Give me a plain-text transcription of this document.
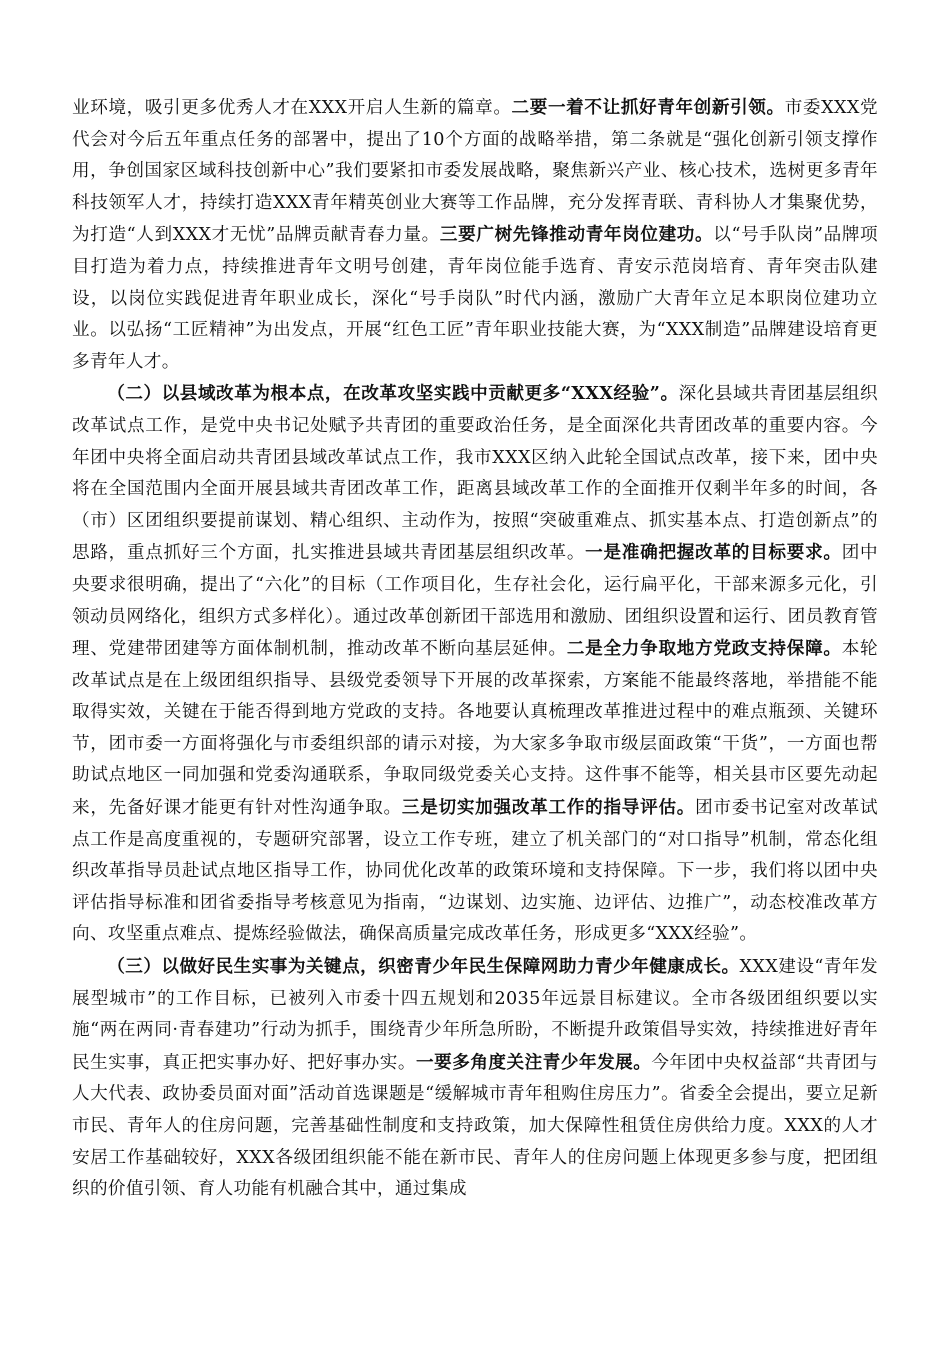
业环境，吸引更多优秀人才在XXX开启人生新的篇章。二要一着不让抓好青年创新引领。市委XXX党代会对今后五年重点任务的部署中，提出了10个方面的战略举措，第二条就是“强化创新引领支撑作用，争创国家区域科技创新中心”我们要紧扣市委发展战略，聚焦新兴产业、核心技术，选树更多青年科技领军人才，持续打造XXX青年精英创业大赛等工作品牌，充分发挥青联、青科协人才集聚优势，为打造“人到XXX才无忧”品牌贡献青春力量。三要广树先锋推动青年岗位建功。以“号手队岗”品牌项目打造为着力点，持续推进青年文明号创建，青年岗位能手选育、青安示范岗培育、青年突击队建设，以岗位实践促进青年职业成长，深化“号手岗队”时代内涵，激励广大青年立足本职岗位建功立业。以弘扬“工匠精神”为出发点，开展“红色工匠”青年职业技能大赛，为“XXX制造”品牌建设培育更多青年人才。

（二）以县域改革为根本点，在改革攻坚实践中贡献更多“XXX经验”。深化县域共青团基层组织改革试点工作，是党中央书记处赋予共青团的重要政治任务，是全面深化共青团改革的重要内容。今年团中央将全面启动共青团县域改革试点工作，我市XXX区纳入此轮全国试点改革，接下来，团中央将在全国范围内全面开展县域共青团改革工作，距离县域改革工作的全面推开仅剩半年多的时间，各（市）区团组织要提前谋划、精心组织、主动作为，按照“突破重难点、抓实基本点、打造创新点”的思路，重点抓好三个方面，扎实推进县域共青团基层组织改革。一是准确把握改革的目标要求。团中央要求很明确，提出了“六化”的目标（工作项目化，生存社会化，运行扁平化，干部来源多元化，引领动员网络化，组织方式多样化）。通过改革创新团干部选用和激励、团组织设置和运行、团员教育管理、党建带团建等方面体制机制，推动改革不断向基层延伸。二是全力争取地方党政支持保障。本轮改革试点是在上级团组织指导、县级党委领导下开展的改革探索，方案能不能最终落地，举措能不能取得实效，关键在于能否得到地方党政的支持。各地要认真梳理改革推进过程中的难点瓶颈、关键环节，团市委一方面将强化与市委组织部的请示对接，为大家多争取市级层面政策“干货”，一方面也帮助试点地区一同加强和党委沟通联系，争取同级党委关心支持。这件事不能等，相关县市区要先动起来，先备好课才能更有针对性沟通争取。三是切实加强改革工作的指导评估。团市委书记室对改革试点工作是高度重视的，专题研究部署，设立工作专班，建立了机关部门的“对口指导”机制，常态化组织改革指导员赴试点地区指导工作，协同优化改革的政策环境和支持保障。下一步，我们将以团中央评估指导标准和团省委指导考核意见为指南，“边谋划、边实施、边评估、边推广”，动态校准改革方向、攻坚重点难点、提炼经验做法，确保高质量完成改革任务，形成更多“XXX经验”。

（三）以做好民生实事为关键点，织密青少年民生保障网助力青少年健康成长。XXX建设“青年发展型城市”的工作目标，已被列入市委十四五规划和2035年远景目标建议。全市各级团组织要以实施“两在两同·青春建功”行动为抓手，围绕青少年所急所盼，不断提升政策倡导实效，持续推进好青年民生实事，真正把实事办好、把好事办实。一要多角度关注青少年发展。今年团中央权益部“共青团与人大代表、政协委员面对面”活动首选课题是“缓解城市青年租购住房压力”。省委全会提出，要立足新市民、青年人的住房问题，完善基础性制度和支持政策，加大保障性租赁住房供给力度。XXX的人才安居工作基础较好，XXX各级团组织能不能在新市民、青年人的住房问题上体现更多参与度，把团组织的价值引领、育人功能有机融合其中，通过集成
